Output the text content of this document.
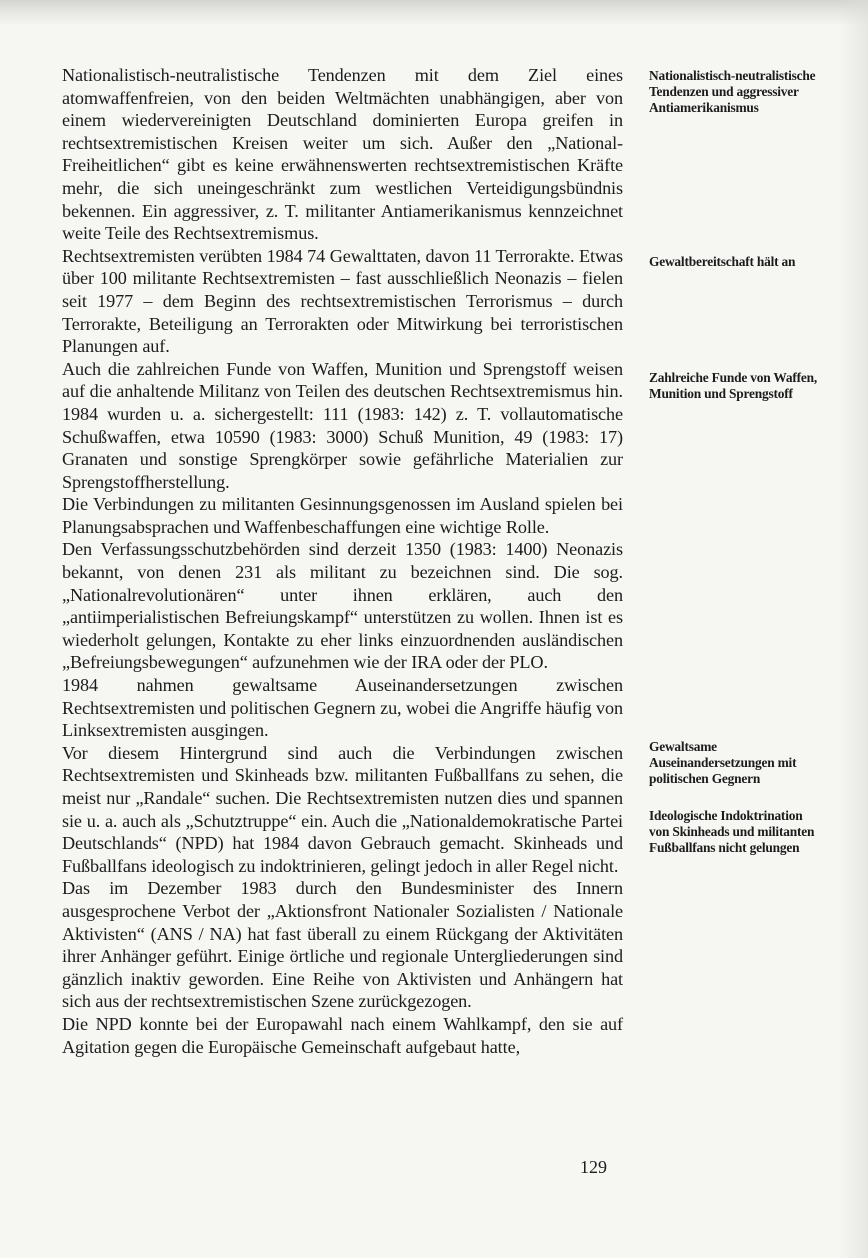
Nationalistisch-neutralistische Tendenzen mit dem Ziel eines atomwaffenfreien, von den beiden Weltmächten unabhängigen, aber von einem wiedervereinigten Deutschland dominierten Europa greifen in rechtsextremistischen Kreisen weiter um sich. Außer den „National-Freiheitlichen“ gibt es keine erwähnenswerten rechtsextremistischen Kräfte mehr, die sich uneingeschränkt zum westlichen Verteidigungsbündnis bekennen. Ein aggressiver, z. T. militanter Antiamerikanismus kennzeichnet weite Teile des Rechtsextremismus.

Rechtsextremisten verübten 1984 74 Gewalttaten, davon 11 Terrorakte. Etwas über 100 militante Rechtsextremisten – fast ausschließlich Neonazis – fielen seit 1977 – dem Beginn des rechtsextremistischen Terrorismus – durch Terrorakte, Beteiligung an Terrorakten oder Mitwirkung bei terroristischen Planungen auf.

Auch die zahlreichen Funde von Waffen, Munition und Sprengstoff weisen auf die anhaltende Militanz von Teilen des deutschen Rechtsextremismus hin. 1984 wurden u. a. sichergestellt: 111 (1983: 142) z. T. vollautomatische Schußwaffen, etwa 10590 (1983: 3000) Schuß Munition, 49 (1983: 17) Granaten und sonstige Sprengkörper sowie gefährliche Materialien zur Sprengstoffherstellung.

Die Verbindungen zu militanten Gesinnungsgenossen im Ausland spielen bei Planungsabsprachen und Waffenbeschaffungen eine wichtige Rolle.

Den Verfassungsschutzbehörden sind derzeit 1350 (1983: 1400) Neonazis bekannt, von denen 231 als militant zu bezeichnen sind. Die sog. „Nationalrevolutionären“ unter ihnen erklären, auch den „antiimperialistischen Befreiungskampf“ unterstützen zu wollen. Ihnen ist es wiederholt gelungen, Kontakte zu eher links einzuordnenden ausländischen „Befreiungsbewegungen“ aufzunehmen wie der IRA oder der PLO.

1984 nahmen gewaltsame Auseinandersetzungen zwischen Rechtsextremisten und politischen Gegnern zu, wobei die Angriffe häufig von Linksextremisten ausgingen.

Vor diesem Hintergrund sind auch die Verbindungen zwischen Rechtsextremisten und Skinheads bzw. militanten Fußballfans zu sehen, die meist nur „Randale“ suchen. Die Rechtsextremisten nutzen dies und spannen sie u. a. auch als „Schutztruppe“ ein. Auch die „Nationaldemokratische Partei Deutschlands“ (NPD) hat 1984 davon Gebrauch gemacht. Skinheads und Fußballfans ideologisch zu indoktrinieren, gelingt jedoch in aller Regel nicht.

Das im Dezember 1983 durch den Bundesminister des Innern ausgesprochene Verbot der „Aktionsfront Nationaler Sozialisten / Nationale Aktivisten“ (ANS / NA) hat fast überall zu einem Rückgang der Aktivitäten ihrer Anhänger geführt. Einige örtliche und regionale Untergliederungen sind gänzlich inaktiv geworden. Eine Reihe von Aktivisten und Anhängern hat sich aus der rechtsextremistischen Szene zurückgezogen.

Die NPD konnte bei der Europawahl nach einem Wahlkampf, den sie auf Agitation gegen die Europäische Gemeinschaft aufgebaut hatte,

Nationalistisch-neutralistische Tendenzen und aggressiver Antiamerikanismus

Gewaltbereitschaft hält an

Zahlreiche Funde von Waffen, Munition und Sprengstoff

Gewaltsame Auseinandersetzungen mit politischen Gegnern

Ideologische Indoktrination von Skinheads und militanten Fußballfans nicht gelungen

129
